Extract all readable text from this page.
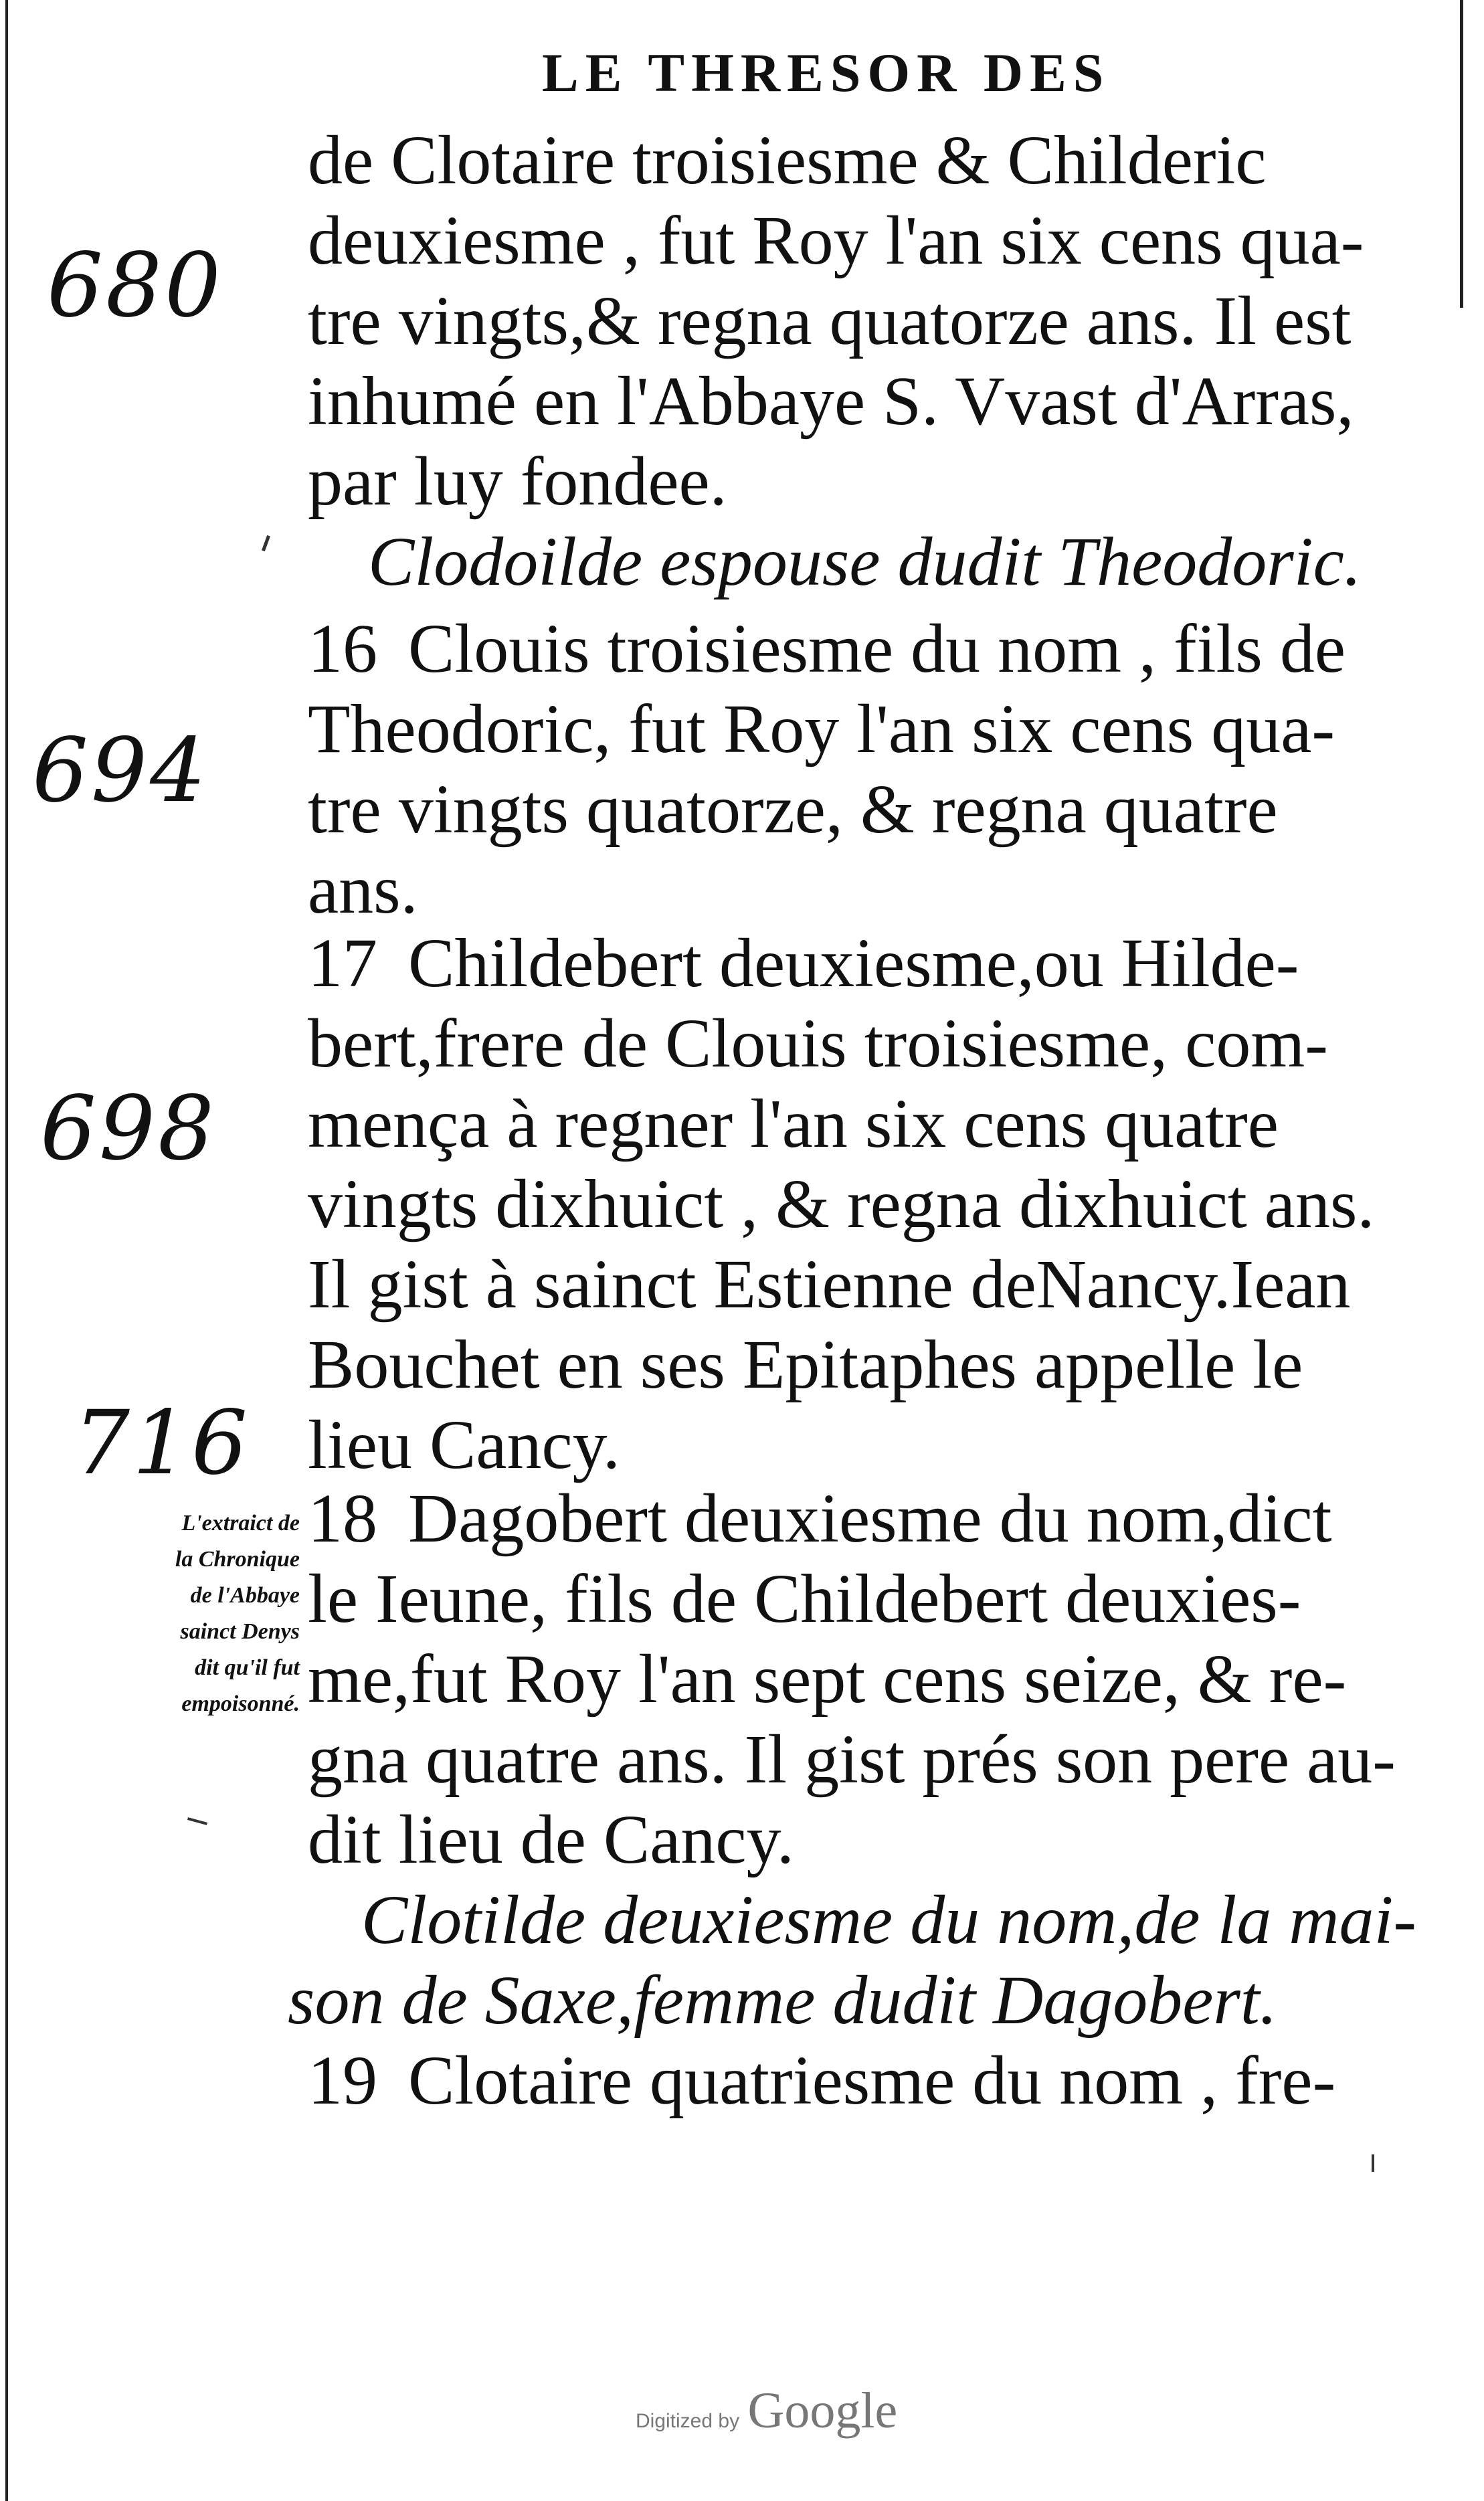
LE THRESOR DES
680
694
698
716
L'extraict de
la Chronique
de l'Abbaye
sainct Denys
dit qu'il fut
empoisonné.
de Clotaire troisiesme & Childeric
deuxiesme , fut Roy l'an six cens qua-
tre vingts,& regna quatorze ans. Il est
inhumé en l'Abbaye S. Vvast d'Arras,
par luy fondee.
Clodoilde espouse dudit Theodoric.
16 Clouis troisiesme du nom , fils de
Theodoric, fut Roy l'an six cens qua-
tre vingts quatorze, & regna quatre
ans.
17 Childebert deuxiesme,ou Hilde-
bert,frere de Clouis troisiesme, com-
mença à regner l'an six cens quatre
vingts dixhuict , & regna dixhuict ans.
Il gist à sainct Estienne deNancy.Iean
Bouchet en ses Epitaphes appelle le
lieu Cancy.
18 Dagobert deuxiesme du nom,dict
le Ieune, fils de Childebert deuxies-
me,fut Roy l'an sept cens seize, & re-
gna quatre ans. Il gist prés son pere au-
dit lieu de Cancy.
Clotilde deuxiesme du nom,de la mai-
son de Saxe,femme dudit Dagobert.
19 Clotaire quatriesme du nom , fre-
Digitized by Google
